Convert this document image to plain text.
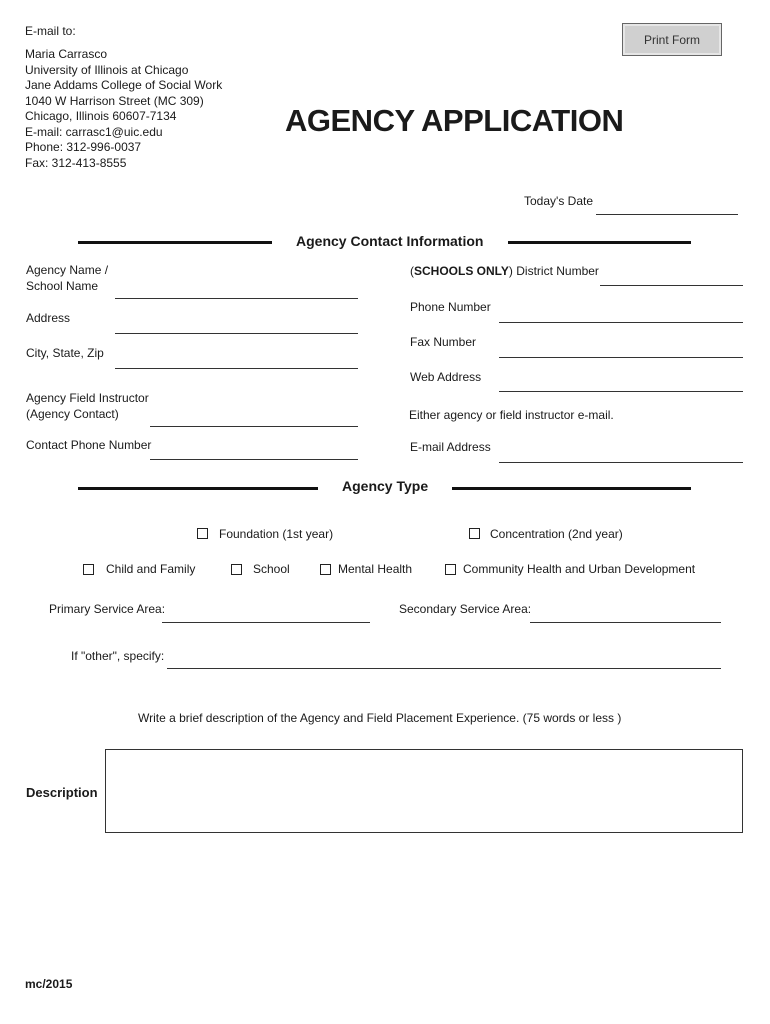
E-mail to:
Maria Carrasco
University of Illinois at Chicago
Jane Addams College of Social Work
1040 W Harrison Street (MC 309)
Chicago, Illinois 60607-7134
E-mail: carrasc1@uic.edu
Phone: 312-996-0037
Fax: 312-413-8555
Print Form
AGENCY APPLICATION
Today's Date
Agency Contact Information
Agency Name /
School Name
Address
City, State, Zip
Agency Field Instructor
(Agency Contact)
Contact Phone Number
(SCHOOLS ONLY) District Number
Phone Number
Fax Number
Web Address
Either agency or field instructor e-mail.
E-mail Address
Agency Type
Foundation (1st year)	Concentration (2nd year)
Child and Family	School	Mental Health	Community Health and Urban Development
Primary Service Area:	Secondary Service Area:
If "other", specify:
Write a brief description of the Agency and Field Placement Experience. (75 words or less )
Description
mc/2015
